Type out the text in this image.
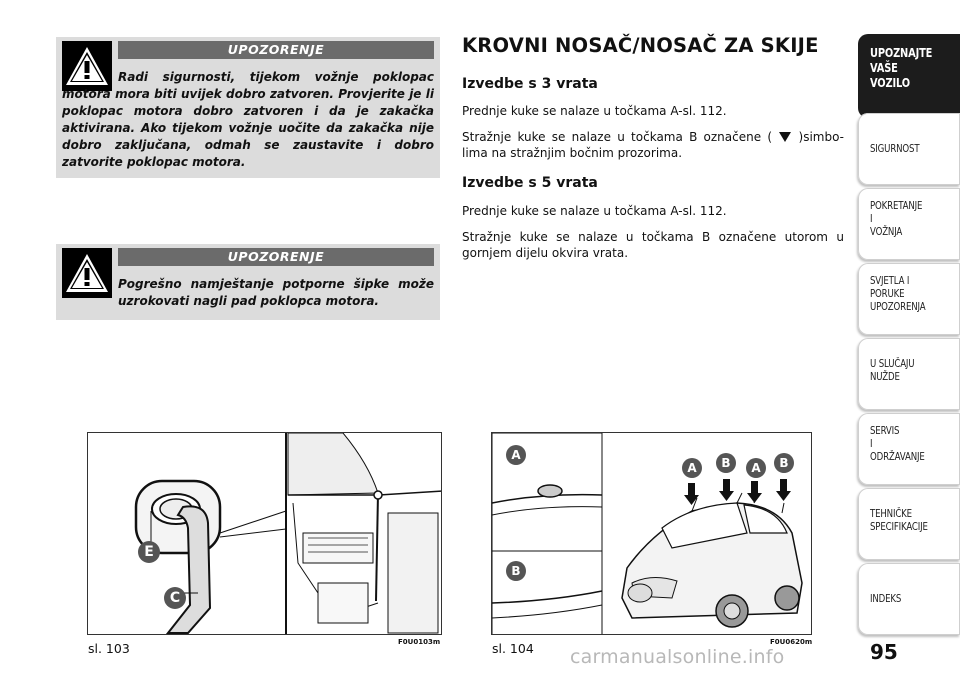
UPOZORENJE
Radi sigurnosti, tijekom vožnje poklopac motora mora biti uvijek dobro zatvoren. Provjerite je li poklopac motora dobro zatvoren i da je zakačka aktivirana. Ako tijekom vožnje uočite da zakačka nije dobro zaključana, odmah se zaustavite i dobro zatvorite poklopac motora.
UPOZORENJE
Pogrešno namještanje potporne šipke može uzrokovati nagli pad poklopca motora.
KROVNI NOSAČ/NOSAČ ZA SKIJE
Izvedbe s 3 vrata
Prednje kuke se nalaze u točkama A-sl. 112.
Stražnje kuke se nalaze u točkama B označene ( )simbo-lima na stražnjim bočnim prozorima.
Izvedbe s 5 vrata
Prednje kuke se nalaze u točkama A-sl. 112.
Stražnje kuke se nalaze u točkama B označene utorom u gornjem dijelu okvira vrata.
E
C
sl. 103	F0U0103m
A
B
A	B	A	B
sl. 104	F0U0620m
UPOZNAJTE
VAŠE
VOZILO
SIGURNOST
POKRETANJE
I
VOŽNJA
SVJETLA I
PORUKE
UPOZORENJA
U SLUČAJU
NUŽDE
SERVIS
I
ODRŽAVANJE
TEHNIČKE
SPECIFIKACIJE
INDEKS
95
carmanualsonline.info
